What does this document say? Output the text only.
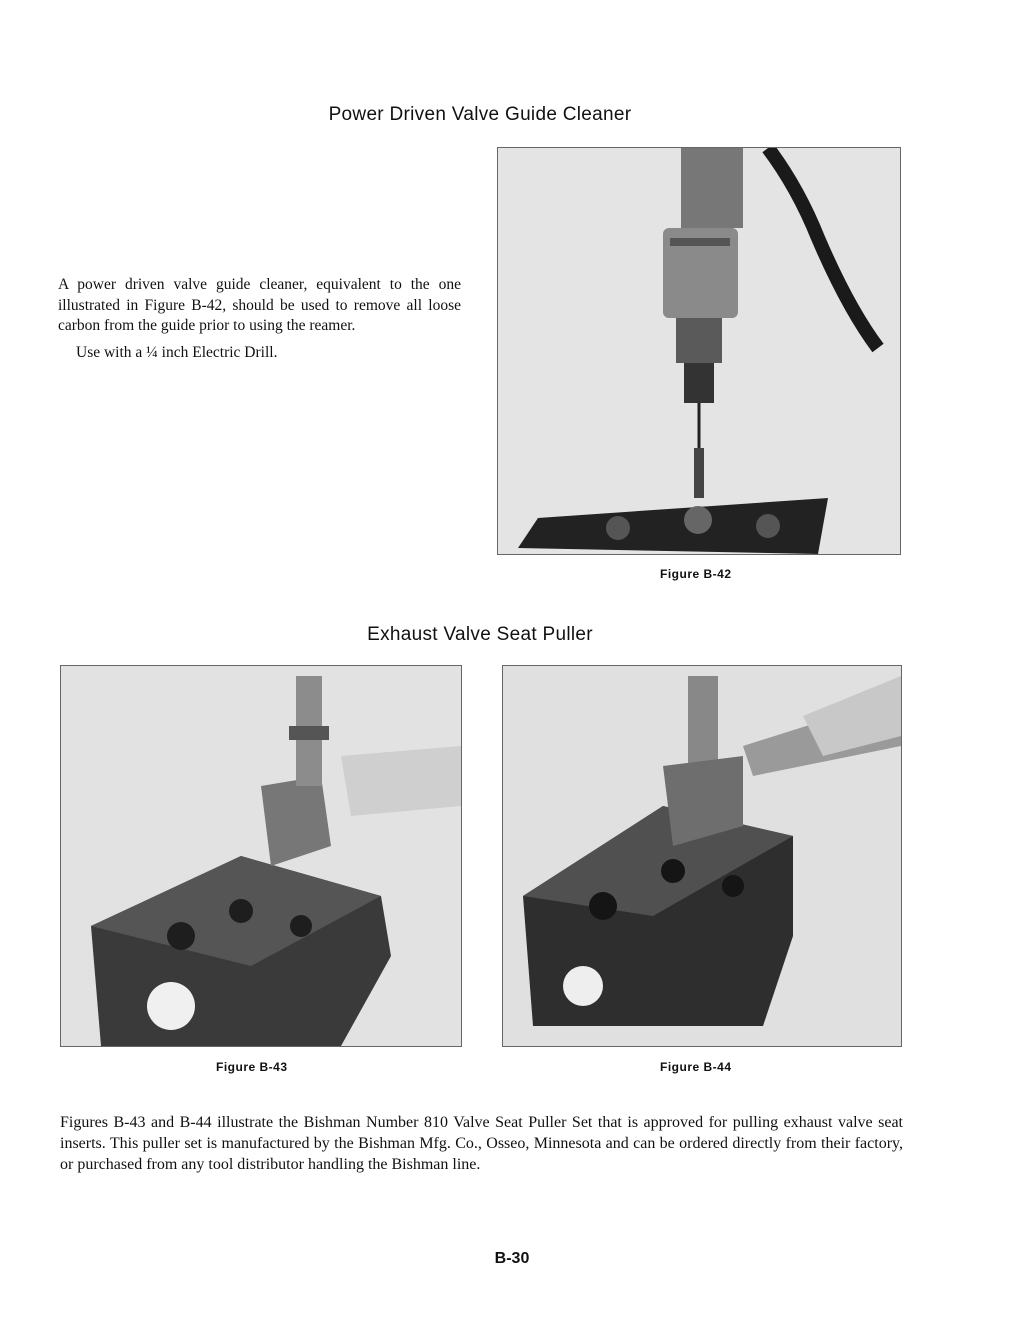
Power Driven Valve Guide Cleaner

A power driven valve guide cleaner, equivalent to the one illustrated in Figure B-42, should be used to remove all loose carbon from the guide prior to using the reamer.

Use with a ¼ inch Electric Drill.

Figure B-42
Exhaust Valve Seat Puller
Figure B-43	Figure B-44

Figures B-43 and B-44 illustrate the Bishman Number 810 Valve Seat Puller Set that is approved for pulling exhaust valve seat inserts. This puller set is manufactured by the Bishman Mfg. Co., Osseo, Minnesota and can be ordered directly from their factory, or purchased from any tool distributor handling the Bishman line.

B-30
